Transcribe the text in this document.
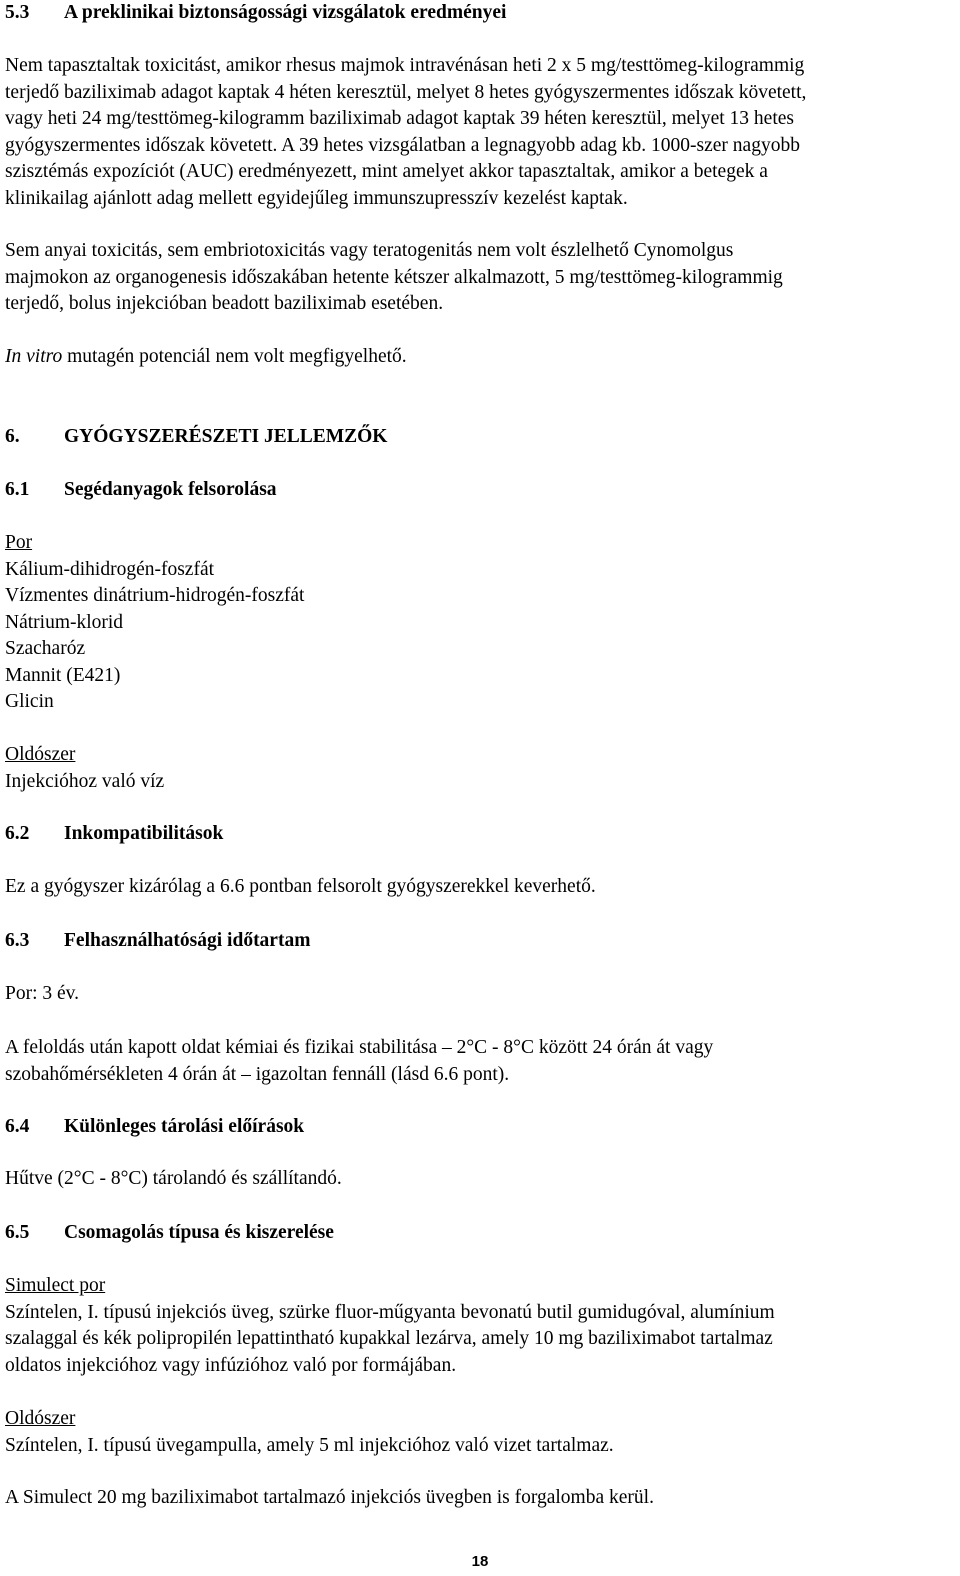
5.3 A preklinikai biztonságossági vizsgálatok eredményei
Nem tapasztaltak toxicitást, amikor rhesus majmok intravénásan heti 2 x 5 mg/testtömeg-kilogrammig
terjedő baziliximab adagot kaptak 4 héten keresztül, melyet 8 hetes gyógyszermentes időszak követett,
vagy heti 24 mg/testtömeg-kilogramm baziliximab adagot kaptak 39 héten keresztül, melyet 13 hetes
gyógyszermentes időszak követett. A 39 hetes vizsgálatban a legnagyobb adag kb. 1000-szer nagyobb
szisztémás expozíciót (AUC) eredményezett, mint amelyet akkor tapasztaltak, amikor a betegek a
klinikailag ajánlott adag mellett egyidejűleg immunszupresszív kezelést kaptak.
Sem anyai toxicitás, sem embriotoxicitás vagy teratogenitás nem volt észlelhető Cynomolgus
majmokon az organogenesis időszakában hetente kétszer alkalmazott, 5 mg/testtömeg-kilogrammig
terjedő, bolus injekcióban beadott baziliximab esetében.
In vitro mutagén potenciál nem volt megfigyelhető.
6. GYÓGYSZERÉSZETI JELLEMZŐK
6.1 Segédanyagok felsorolása
Por
Kálium-dihidrogén-foszfát
Vízmentes dinátrium-hidrogén-foszfát
Nátrium-klorid
Szacharóz
Mannit (E421)
Glicin
Oldószer
Injekcióhoz való víz
6.2 Inkompatibilitások
Ez a gyógyszer kizárólag a 6.6 pontban felsorolt gyógyszerekkel keverhető.
6.3 Felhasználhatósági időtartam
Por: 3 év.
A feloldás után kapott oldat kémiai és fizikai stabilitása – 2°C - 8°C között 24 órán át vagy
szobahőmérsékleten 4 órán át – igazoltan fennáll (lásd 6.6 pont).
6.4 Különleges tárolási előírások
Hűtve (2°C - 8°C) tárolandó és szállítandó.
6.5 Csomagolás típusa és kiszerelése
Simulect por
Színtelen, I. típusú injekciós üveg, szürke fluor-műgyanta bevonatú butil gumidugóval, alumínium
szalaggal és kék polipropilén lepattintható kupakkal lezárva, amely 10 mg baziliximabot tartalmaz
oldatos injekcióhoz vagy infúzióhoz való por formájában.
Oldószer
Színtelen, I. típusú üvegampulla, amely 5 ml injekcióhoz való vizet tartalmaz.
A Simulect 20 mg baziliximabot tartalmazó injekciós üvegben is forgalomba kerül.
18
